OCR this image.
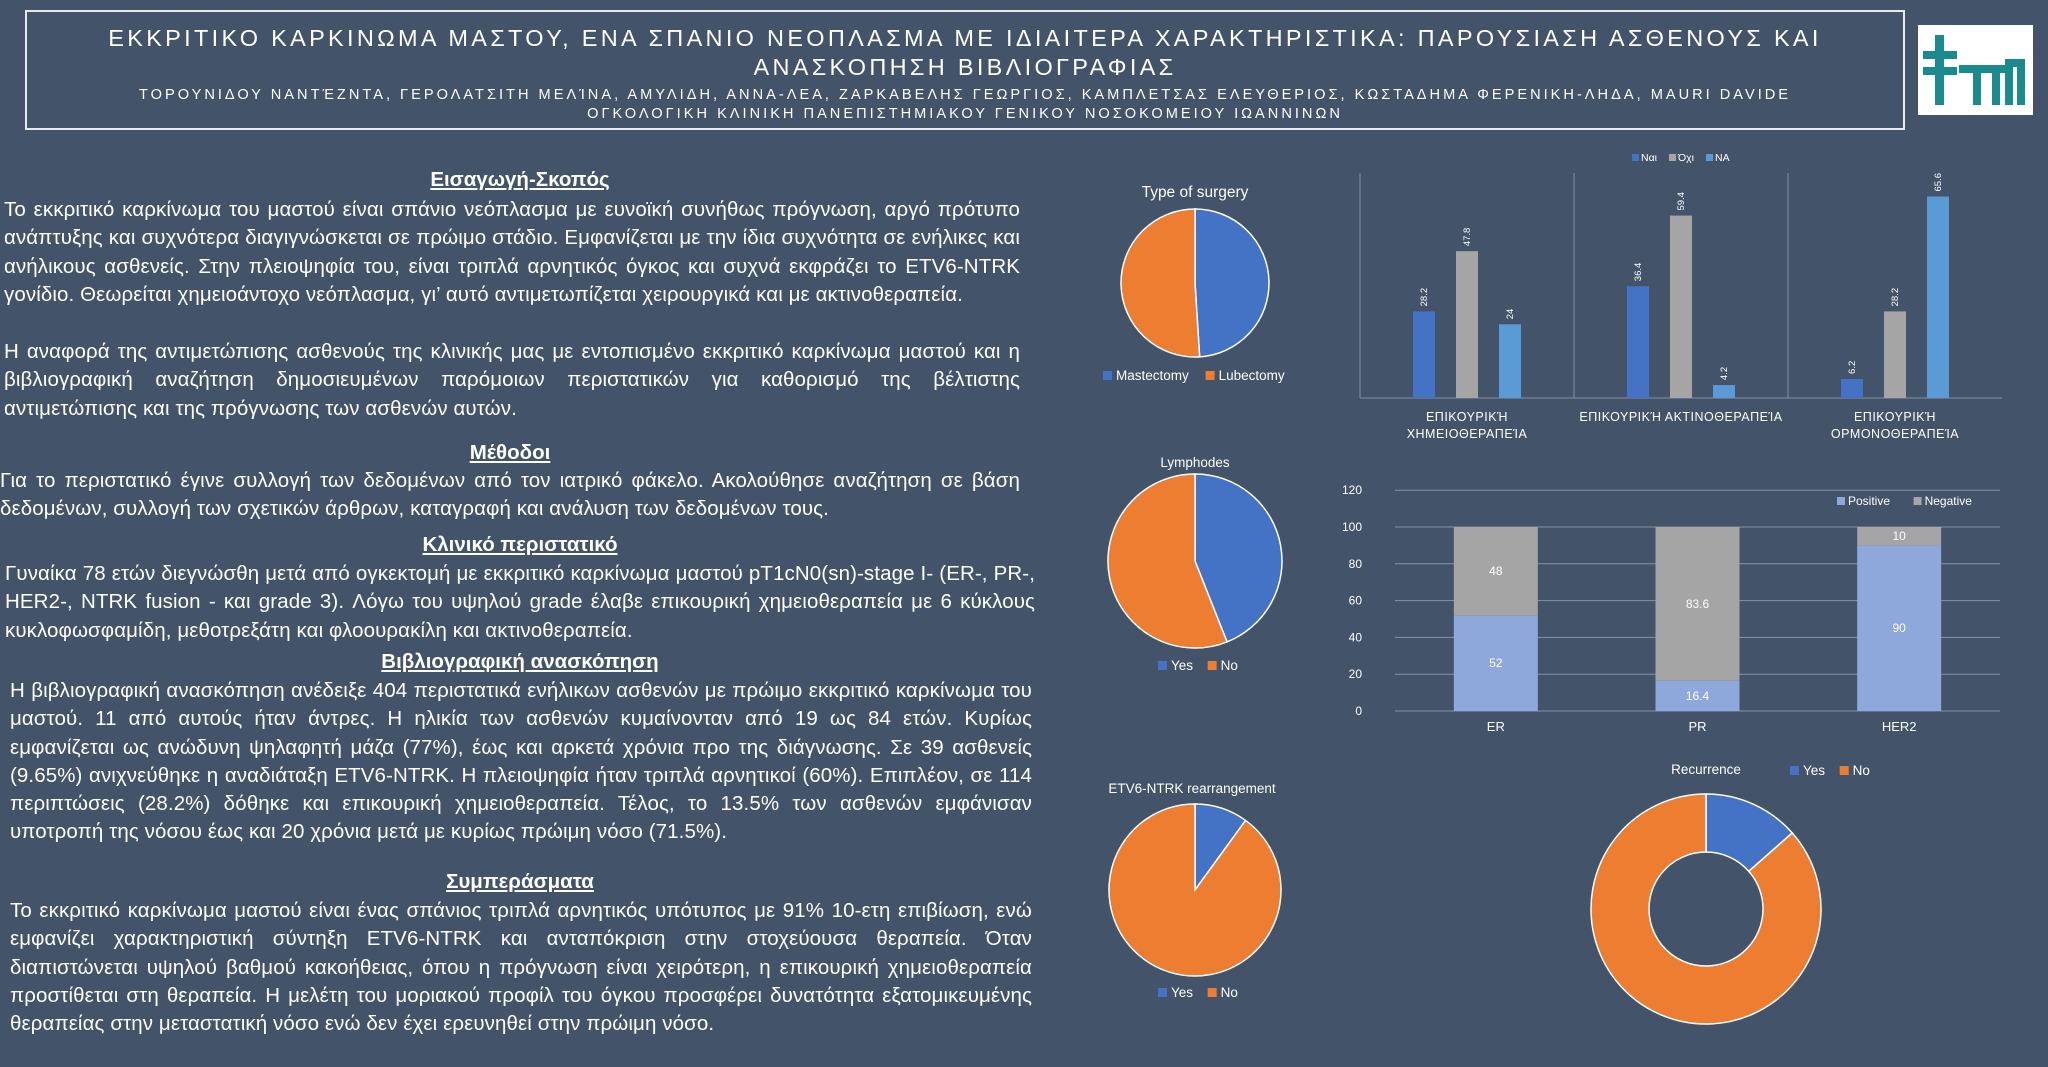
ΕΚΚΡΙΤΙΚΟ ΚΑΡΚΙΝΩΜΑ ΜΑΣΤΟΥ, ΕΝΑ ΣΠΑΝΙΟ ΝΕΟΠΛΑΣΜΑ ΜΕ ΙΔΙΑΙΤΕΡΑ ΧΑΡΑΚΤΗΡΙΣΤΙΚΑ: ΠΑΡΟΥΣΙΑΣΗ ΑΣΘΕΝΟΥΣ ΚΑΙ
ΑΝΑΣΚΟΠΗΣΗ ΒΙΒΛΙΟΓΡΑΦΙΑΣ
ΤΟΡΟΥΝΙΔΟΥ ΝΑΝΤΈΖΝΤΑ, ΓΕΡΟΛΑΤΣΙΤΗ ΜΕΛΊΝΑ, ΑΜΥΛΙΔΗ, ΑΝΝΑ-ΛΕΑ, ΖΑΡΚΑΒΕΛΗΣ ΓΕΩΡΓΙΟΣ, ΚΑΜΠΛΕΤΣΑΣ ΕΛΕΥΘΕΡΙΟΣ, ΚΩΣΤΑΔΗΜΑ ΦΕΡΕΝΙΚΗ-ΛΗΔΑ, MAURI DAVIDE
ΟΓΚΟΛΟΓΙΚΗ ΚΛΙΝΙΚΗ ΠΑΝΕΠΙΣΤΗΜΙΑΚΟΥ ΓΕΝΙΚΟΥ ΝΟΣΟΚΟΜΕΙΟΥ ΙΩΑΝΝΙΝΩΝ
Εισαγωγή-Σκοπός
Το εκκριτικό καρκίνωμα του μαστού είναι σπάνιο νεόπλασμα με ευνοϊκή συνήθως πρόγνωση, αργό πρότυπο ανάπτυξης και συχνότερα διαγιγνώσκεται σε πρώιμο στάδιο. Εμφανίζεται με την ίδια συχνότητα σε ενήλικες και ανήλικους ασθενείς. Στην πλειοψηφία του, είναι τριπλά αρνητικός όγκος και συχνά εκφράζει το ETV6-NTRK γονίδιο. Θεωρείται χημειοάντοχο νεόπλασμα, γι’ αυτό αντιμετωπίζεται χειρουργικά και με ακτινοθεραπεία.
Η αναφορά της αντιμετώπισης ασθενούς της κλινικής μας με εντοπισμένο εκκριτικό καρκίνωμα μαστού και η βιβλιογραφική αναζήτηση δημοσιευμένων παρόμοιων περιστατικών για καθορισμό της βέλτιστης αντιμετώπισης και της πρόγνωσης των ασθενών αυτών.
Μέθοδοι
Για το περιστατικό έγινε συλλογή των δεδομένων από τον ιατρικό φάκελο. Ακολούθησε αναζήτηση σε βάση δεδομένων, συλλογή των σχετικών άρθρων, καταγραφή και ανάλυση των δεδομένων τους.
Κλινικό περιστατικό
Γυναίκα 78 ετών διεγνώσθη μετά από ογκεκτομή με εκκριτικό καρκίνωμα μαστού pT1cN0(sn)-stage I- (ER-, PR-, HER2-, NTRK fusion - και grade 3). Λόγω του υψηλού grade έλαβε επικουρική χημειοθεραπεία με 6 κύκλους κυκλοφωσφαμίδη, μεθοτρεξάτη και φλοουρακίλη και ακτινοθεραπεία.
Βιβλιογραφική ανασκόπηση
Η βιβλιογραφική ανασκόπηση ανέδειξε 404 περιστατικά ενήλικων ασθενών με πρώιμο εκκριτικό καρκίνωμα του μαστού. 11 από αυτούς ήταν άντρες. Η ηλικία των ασθενών κυμαίνονταν από 19 ως 84 ετών. Κυρίως εμφανίζεται ως ανώδυνη ψηλαφητή μάζα (77%), έως και αρκετά χρόνια προ της διάγνωσης. Σε 39 ασθενείς (9.65%) ανιχνεύθηκε η αναδιάταξη ETV6-NTRK. Η πλειοψηφία ήταν τριπλά αρνητικοί (60%). Επιπλέον, σε 114 περιπτώσεις (28.2%) δόθηκε και επικουρική χημειοθεραπεία. Τέλος, το 13.5% των ασθενών εμφάνισαν υποτροπή της νόσου έως και 20 χρόνια μετά με κυρίως πρώιμη νόσο (71.5%).
Συμπεράσματα
Το εκκριτικό καρκίνωμα μαστού είναι ένας σπάνιος τριπλά αρνητικός υπότυπος με 91% 10-ετη επιβίωση, ενώ εμφανίζει χαρακτηριστική σύντηξη ETV6-NTRK και ανταπόκριση στην στοχεύουσα θεραπεία. Όταν διαπιστώνεται υψηλού βαθμού κακοήθειας, όπου η πρόγνωση είναι χειρότερη, η επικουρική χημειοθεραπεία προστίθεται στη θεραπεία. Η μελέτη του μοριακού προφίλ του όγκου προσφέρει δυνατότητα εξατομικευμένης θεραπείας στην μεταστατική νόσο ενώ δεν έχει ερευνηθεί στην πρώιμη νόσο.
Type of surgery
Mastectomy Lubectomy
Lymphodes
Yes No
ETV6-NTRK rearrangement
Yes No
28.2
47.8
24
ΕΠΙΚΟΥΡΙΚΉ
ΧΗΜΕΙΟΘΕΡΑΠΕΊΑ
36.4
59.4
4.2
ΕΠΙΚΟΥΡΙΚΉ ΑΚΤΙΝΟΘΕΡΑΠΕΊΑ
6.2
28.2
65.6
ΕΠΙΚΟΥΡΙΚΉ
ΟΡΜΟΝΟΘΕΡΑΠΕΊΑ
Ναι Όχι NA
0
20
40
60
80
100
120
52
48
ER
16.4
83.6
PR
90
10
HER2
Positive	Negative
Recurrence	Yes No
